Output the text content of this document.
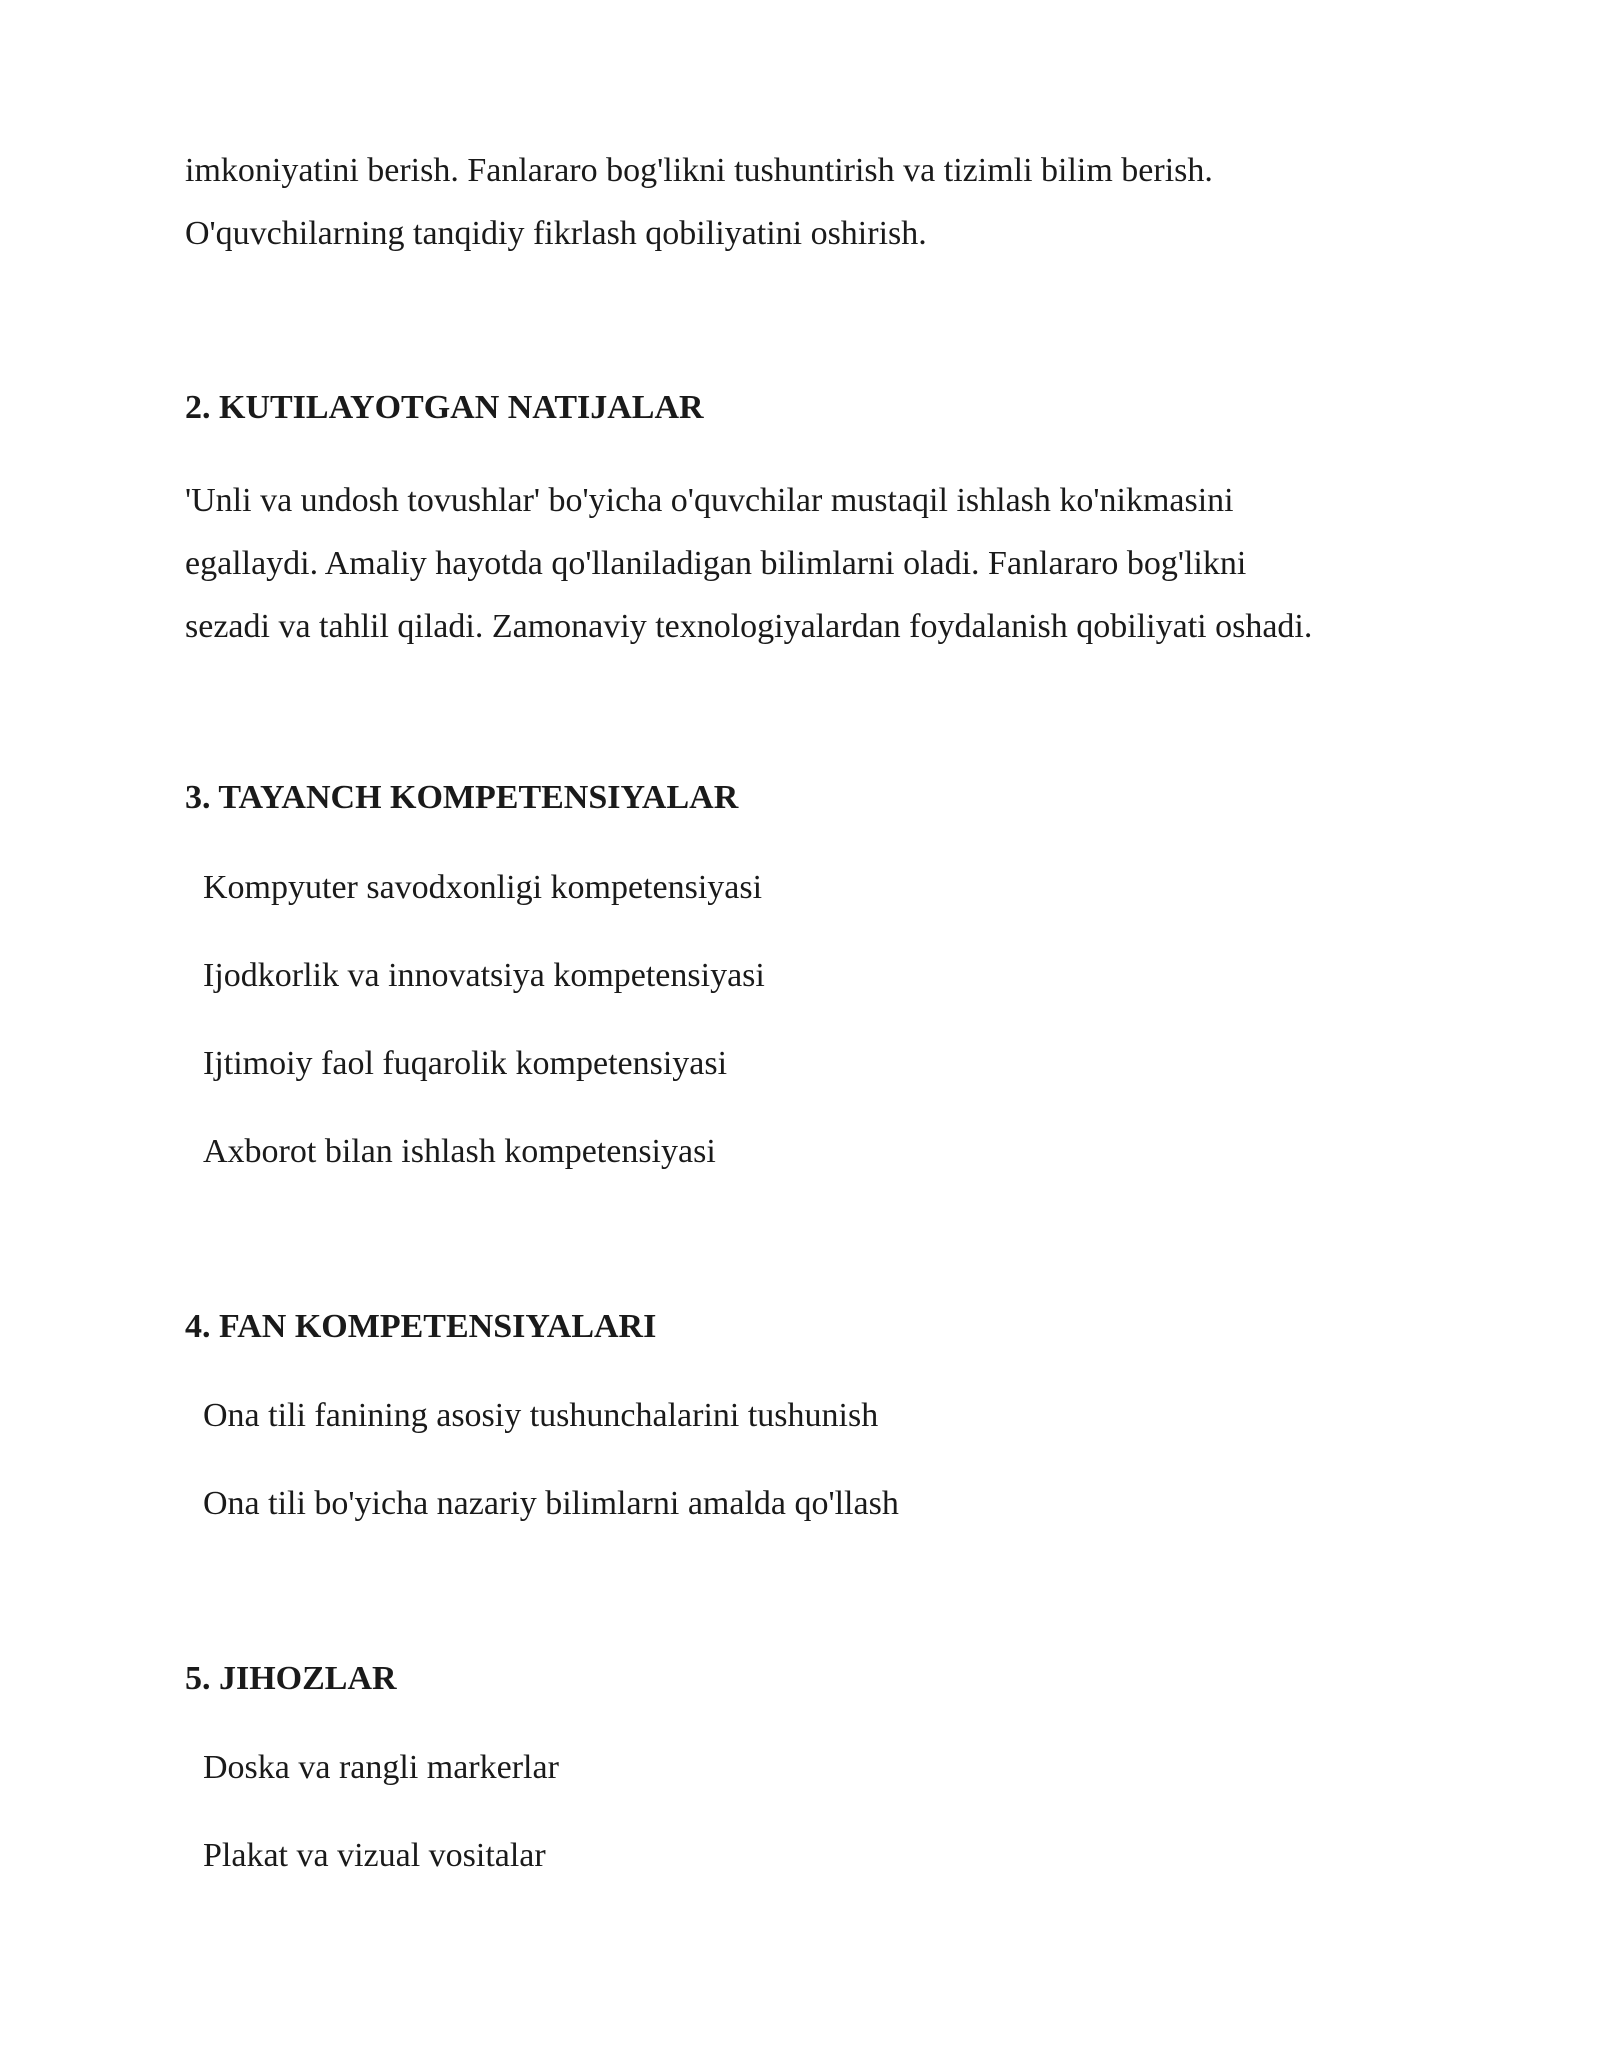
imkoniyatini berish. Fanlararo bog'likni tushuntirish va tizimli bilim berish.
O'quvchilarning tanqidiy fikrlash qobiliyatini oshirish.

2. KUTILAYOTGAN NATIJALAR

'Unli va undosh tovushlar' bo'yicha o'quvchilar mustaqil ishlash ko'nikmasini
egallaydi. Amaliy hayotda qo'llaniladigan bilimlarni oladi. Fanlararo bog'likni
sezadi va tahlil qiladi. Zamonaviy texnologiyalardan foydalanish qobiliyati oshadi.

3. TAYANCH KOMPETENSIYALAR

Kompyuter savodxonligi kompetensiyasi

Ijodkorlik va innovatsiya kompetensiyasi

Ijtimoiy faol fuqarolik kompetensiyasi

Axborot bilan ishlash kompetensiyasi

4. FAN KOMPETENSIYALARI

Ona tili fanining asosiy tushunchalarini tushunish

Ona tili bo'yicha nazariy bilimlarni amalda qo'llash

5. JIHOZLAR

Doska va rangli markerlar

Plakat va vizual vositalar
